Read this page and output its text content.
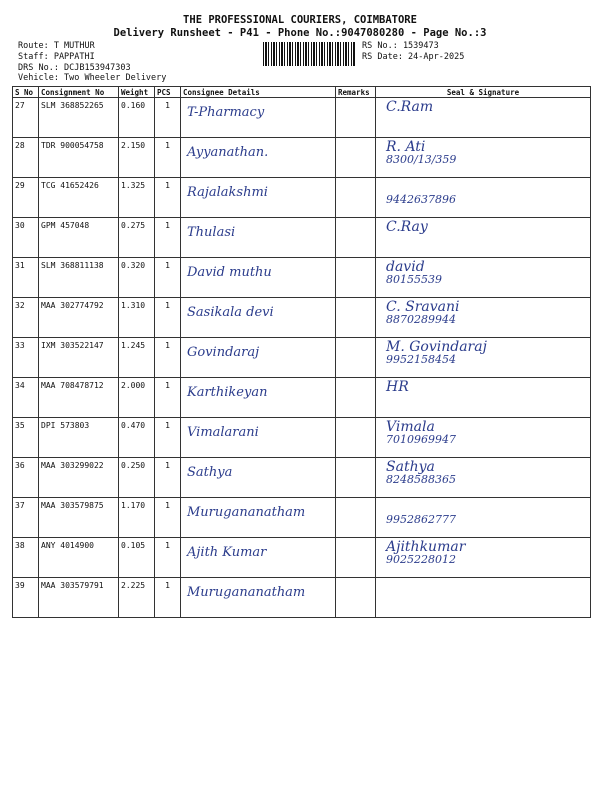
THE PROFESSIONAL COURIERS, COIMBATORE
Delivery Runsheet - P41 - Phone No.:9047080280 - Page No.:3
Route: T MUTHUR
Staff: PAPPATHI
DRS No.: DCJB153947303
Vehicle: Two Wheeler Delivery
RS No.: 1539473
RS Date: 24-Apr-2025
S No	Consignment No	Weight	PCS	Consignee Details	Remarks	Seal & Signature
27	SLM 368852265	0.160	1	T-Pharmacy		C.Ram

28	TDR 900054758	2.150	1	Ayyanathan.		R. Ati
8300/13/359

29	TCG 41652426	1.325	1	Rajalakshmi		9442637896

30	GPM 457048	0.275	1	Thulasi		C.Ray

31	SLM 368811138	0.320	1	David muthu		david
80155539

32	MAA 302774792	1.310	1	Sasikala devi		C. Sravani
8870289944

33	IXM 303522147	1.245	1	Govindaraj		M. Govindaraj
9952158454

34	MAA 708478712	2.000	1	Karthikeyan		HR

35	DPI 573803	0.470	1	Vimalarani		Vimala
7010969947

36	MAA 303299022	0.250	1	Sathya		Sathya
8248588365

37	MAA 303579875	1.170	1	Murugananatham		9952862777

38	ANY 4014900	0.105	1	Ajith Kumar		Ajithkumar
9025228012

39	MAA 303579791	2.225	1	Murugananatham		
